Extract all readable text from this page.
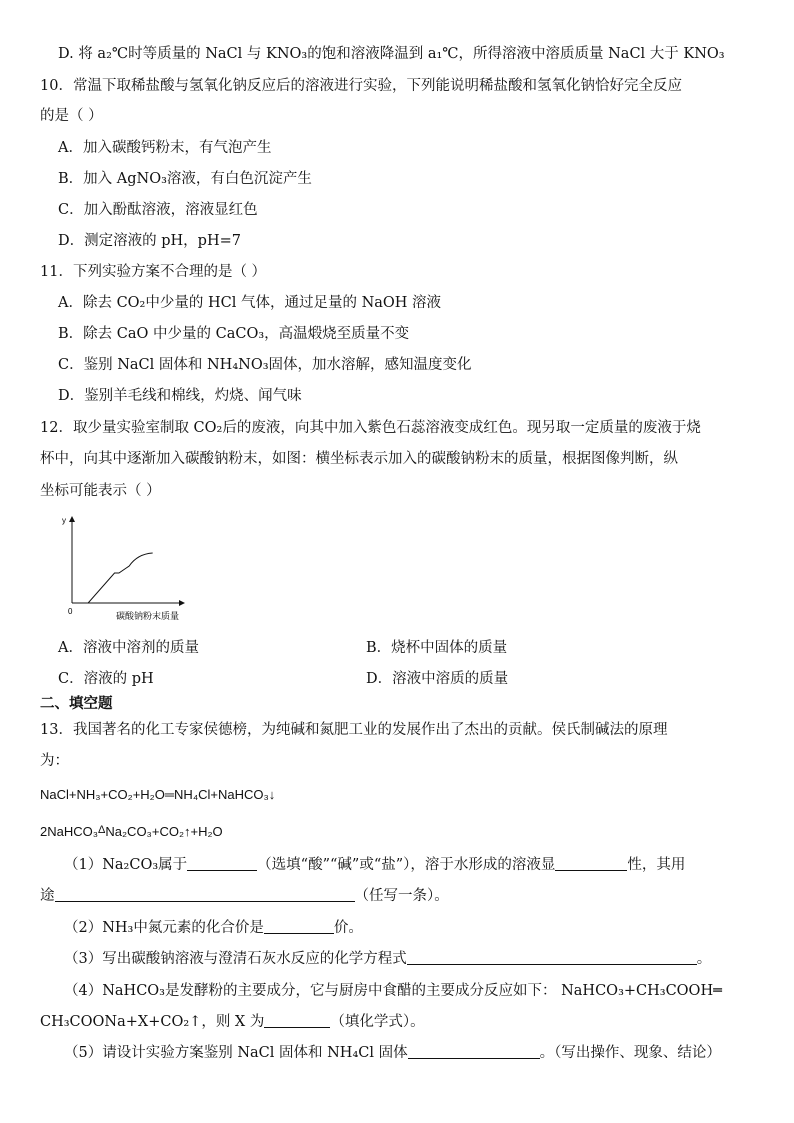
D. 将 a₂℃时等质量的 NaCl 与 KNO₃的饱和溶液降温到 a₁℃，所得溶液中溶质质量 NaCl 大于 KNO₃
10．常温下取稀盐酸与氢氧化钠反应后的溶液进行实验，下列能说明稀盐酸和氢氧化钠恰好完全反应
的是（ ）
A．加入碳酸钙粉末，有气泡产生
B．加入 AgNO₃溶液，有白色沉淀产生
C．加入酚酞溶液，溶液显红色
D．测定溶液的 pH，pH=7
11．下列实验方案不合理的是（ ）
A．除去 CO₂中少量的 HCl 气体，通过足量的 NaOH 溶液
B．除去 CaO 中少量的 CaCO₃，高温煅烧至质量不变
C．鉴别 NaCl 固体和 NH₄NO₃固体，加水溶解，感知温度变化
D．鉴别羊毛线和棉线，灼烧、闻气味
12．取少量实验室制取 CO₂后的废液，向其中加入紫色石蕊溶液变成红色。现另取一定质量的废液于烧
杯中，向其中逐渐加入碳酸钠粉末，如图：横坐标表示加入的碳酸钠粉末的质量，根据图像判断，纵
坐标可能表示（ ）
y
0
碳酸钠粉末质量
A．溶液中溶剂的质量	B．烧杯中固体的质量
C．溶液的 pH	D．溶液中溶质的质量
二、填空题
13．我国著名的化工专家侯德榜，为纯碱和氮肥工业的发展作出了杰出的贡献。侯氏制碱法的原理
为：
NaCl+NH₃+CO₂+H₂O═NH₄Cl+NaHCO₃↓
2NaHCO₃$^\Delta$Na₂CO₃+CO₂↑+H₂O
（1）Na₂CO₃属于	（选填“酸”“碱”或“盐”），溶于水形成的溶液显	性，其用
途	（任写一条）。
（2）NH₃中氮元素的化合价是	价。
（3）写出碳酸钠溶液与澄清石灰水反应的化学方程式	。
（4）NaHCO₃是发酵粉的主要成分，它与厨房中食醋的主要成分反应如下： NaHCO₃+CH₃COOH═
CH₃COONa+X+CO₂↑，则 X 为	（填化学式）。
（5）请设计实验方案鉴别 NaCl 固体和 NH₄Cl 固体	。（写出操作、现象、结论）
